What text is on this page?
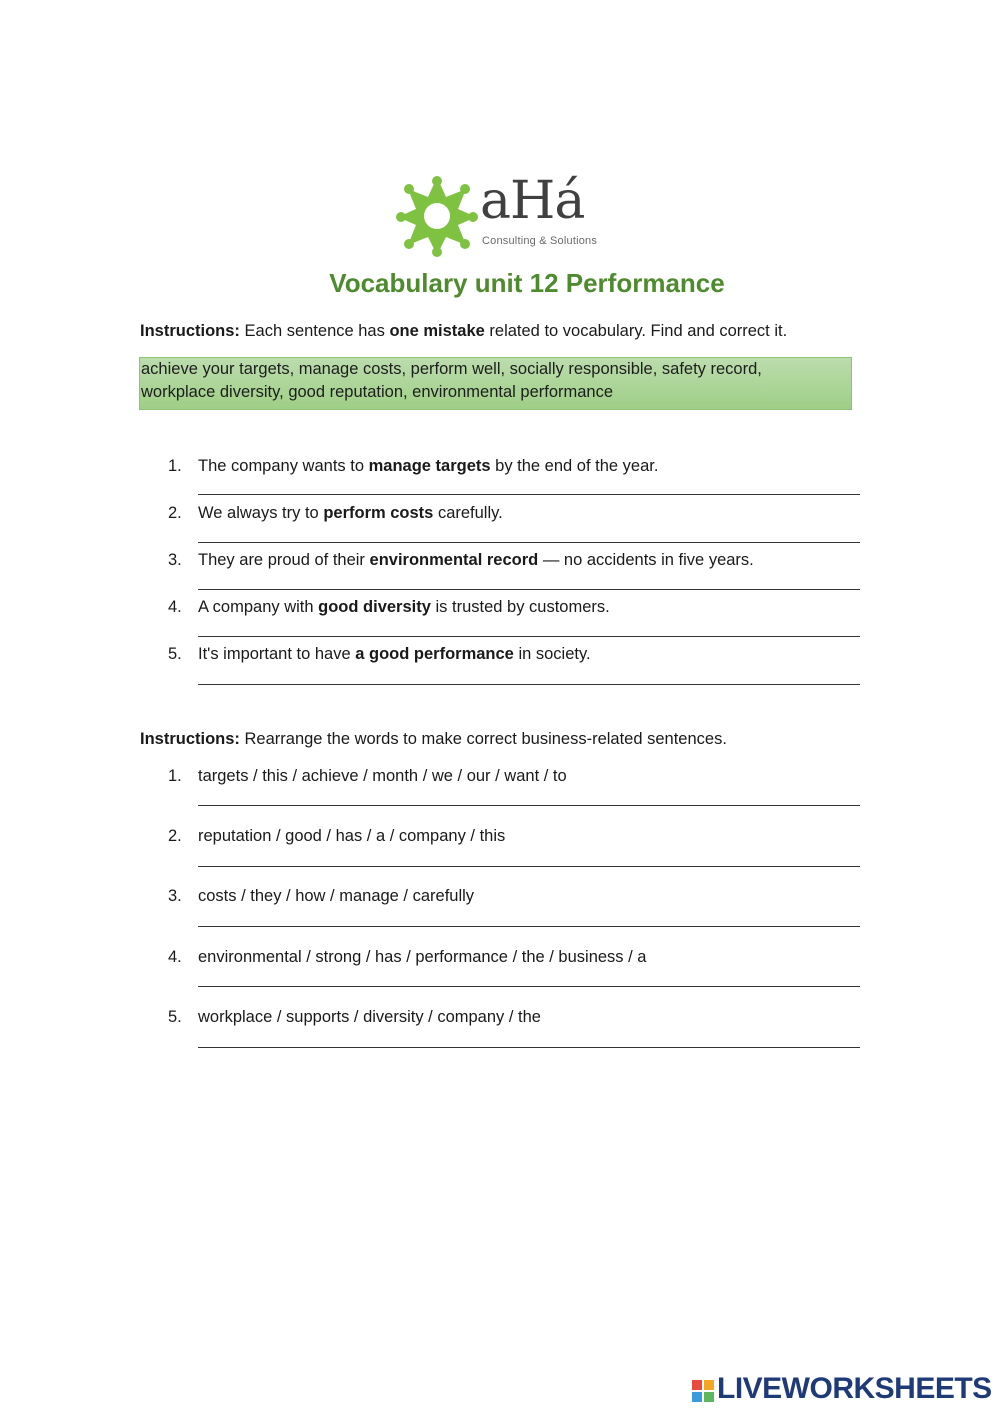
aHá
Consulting & Solutions
Vocabulary unit 12 Performance
Instructions: Each sentence has one mistake related to vocabulary. Find and correct it.
achieve your targets, manage costs, perform well, socially responsible, safety record,
workplace diversity, good reputation, environmental performance
1. The company wants to manage targets by the end of the year.
2. We always try to perform costs carefully.
3. They are proud of their environmental record — no accidents in five years.
4. A company with good diversity is trusted by customers.
5. It's important to have a good performance in society.
Instructions: Rearrange the words to make correct business-related sentences.
1. targets / this / achieve / month / we / our / want / to
2. reputation / good / has / a / company / this
3. costs / they / how / manage / carefully
4. environmental / strong / has / performance / the / business / a
5. workplace / supports / diversity / company / the
LIVEWORKSHEETS
